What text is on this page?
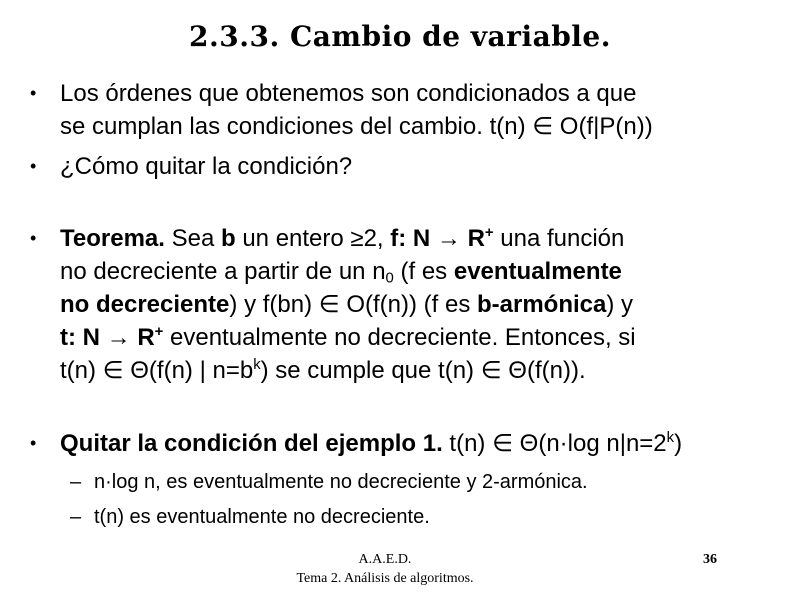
2.3.3. Cambio de variable.
• Los órdenes que obtenemos son condicionados a que
se cumplan las condiciones del cambio. t(n) ∈ O(f|P(n))
• ¿Cómo quitar la condición?
• Teorema. Sea b un entero ≥2, f: N → R+ una función
no decreciente a partir de un $n_0$ (f es eventualmente
no decreciente) y f(bn) ∈ O(f(n)) (f es b-armónica) y
t: N → R+ eventualmente no decreciente. Entonces, si
t(n) ∈ Θ(f(n) | $n=b^k$) se cumple que t(n) ∈ Θ(f(n)).
• Quitar la condición del ejemplo 1. t(n) ∈ Θ(n·log $n|n=2^k$)
– n·log n, es eventualmente no decreciente y 2-armónica.
– t(n) es eventualmente no decreciente.
A.A.E.D.
Tema 2. Análisis de algoritmos.
36
